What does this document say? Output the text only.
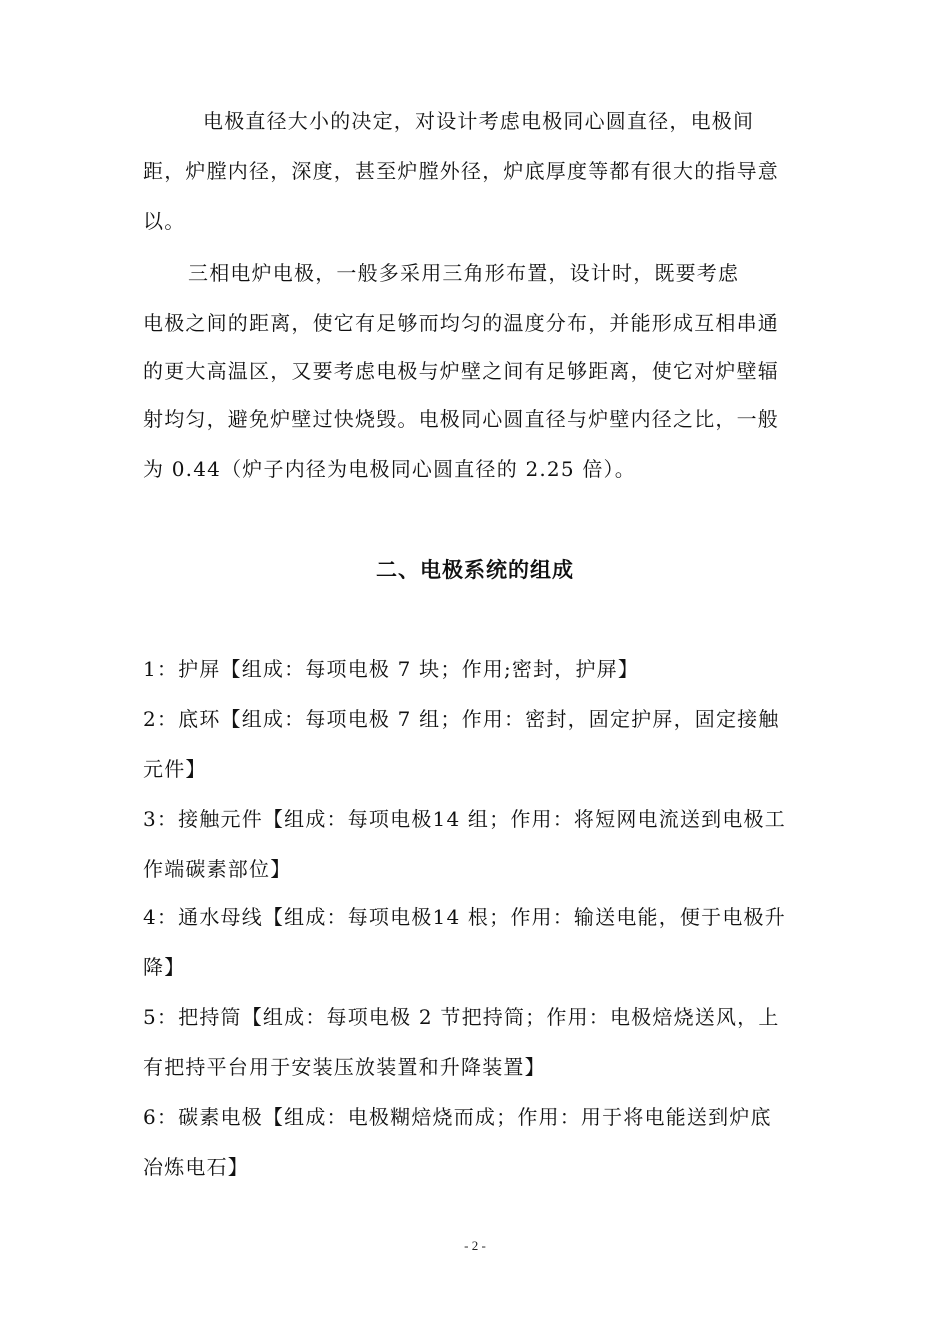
电极直径大小的决定，对设计考虑电极同心圆直径，电极间
距，炉膛内径，深度，甚至炉膛外径，炉底厚度等都有很大的指导意
以。
三相电炉电极，一般多采用三角形布置，设计时，既要考虑
电极之间的距离，使它有足够而均匀的温度分布，并能形成互相串通
的更大高温区，又要考虑电极与炉壁之间有足够距离，使它对炉壁辐
射均匀，避免炉壁过快烧毁。电极同心圆直径与炉壁内径之比，一般
为 0.44（炉子内径为电极同心圆直径的 2.25 倍）。
二、电极系统的组成
1：护屏【组成：每项电极 7 块；作用;密封，护屏】
2：底环【组成：每项电极 7 组；作用：密封，固定护屏，固定接触
元件】
3：接触元件【组成：每项电极14 组；作用：将短网电流送到电极工
作端碳素部位】
4：通水母线【组成：每项电极14 根；作用：输送电能，便于电极升
降】
5：把持筒【组成：每项电极 2 节把持筒；作用：电极焙烧送风，上
有把持平台用于安装压放装置和升降装置】
6：碳素电极【组成：电极糊焙烧而成；作用：用于将电能送到炉底
冶炼电石】
- 2 -
